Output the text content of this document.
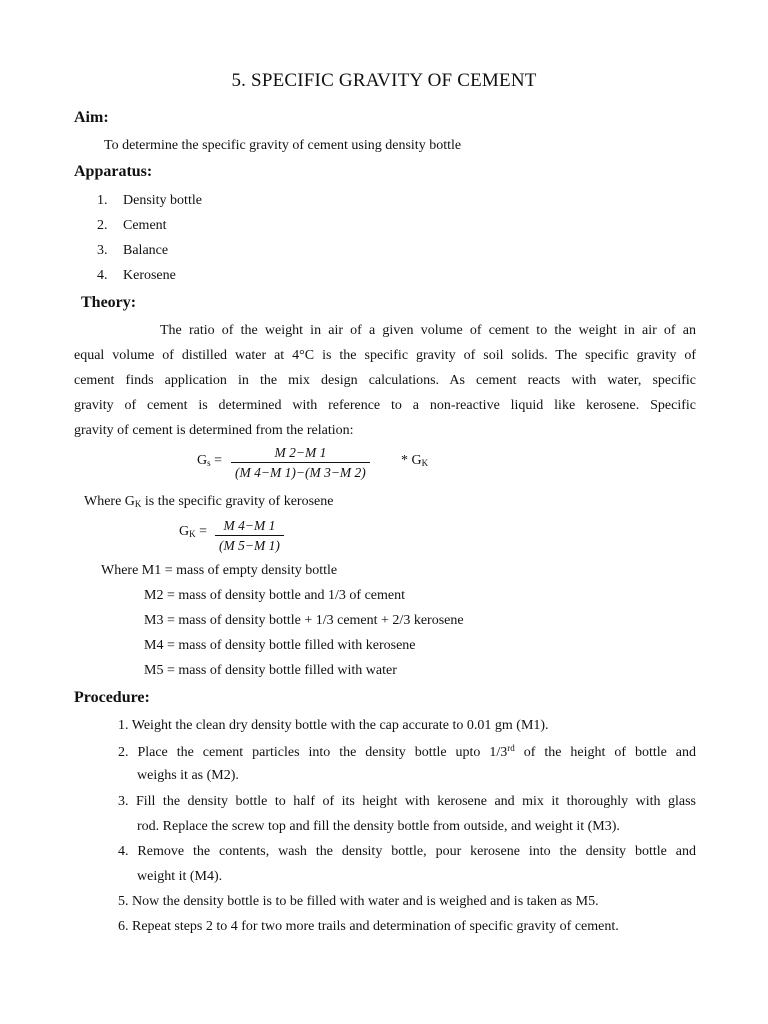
5. SPECIFIC GRAVITY OF CEMENT
Aim:
To determine the specific gravity of cement using density bottle
Apparatus:
1. Density bottle
2. Cement
3. Balance
4. Kerosene
Theory:
The ratio of the weight in air of a given volume of cement to the weight in air of an
equal volume of distilled water at 4°C is the specific gravity of soil solids. The specific gravity of
cement finds application in the mix design calculations. As cement reacts with water, specific
gravity of cement is determined with reference to a non-reactive liquid like kerosene. Specific
gravity of cement is determined from the relation:
$G_s$ =
M 2−M 1
(M 4−M 1)−(M 3−M 2)
* $G_K$
Where $G_K$ is the specific gravity of kerosene
$G_K$ =	M 4−M 1
(M 5−M 1)
Where M1 = mass of empty density bottle
M2 = mass of density bottle and 1/3 of cement
M3 = mass of density bottle + 1/3 cement + 2/3 kerosene
M4 = mass of density bottle filled with kerosene
M5 = mass of density bottle filled with water
Procedure:
1. Weight the clean dry density bottle with the cap accurate to 0.01 gm (M1).
2. Place the cement particles into the density bottle upto 1/3rd of the height of bottle and
weighs it as (M2).
3. Fill the density bottle to half of its height with kerosene and mix it thoroughly with glass
rod. Replace the screw top and fill the density bottle from outside, and weight it (M3).
4. Remove the contents, wash the density bottle, pour kerosene into the density bottle and
weight it (M4).
5. Now the density bottle is to be filled with water and is weighed and is taken as M5.
6. Repeat steps 2 to 4 for two more trails and determination of specific gravity of cement.
